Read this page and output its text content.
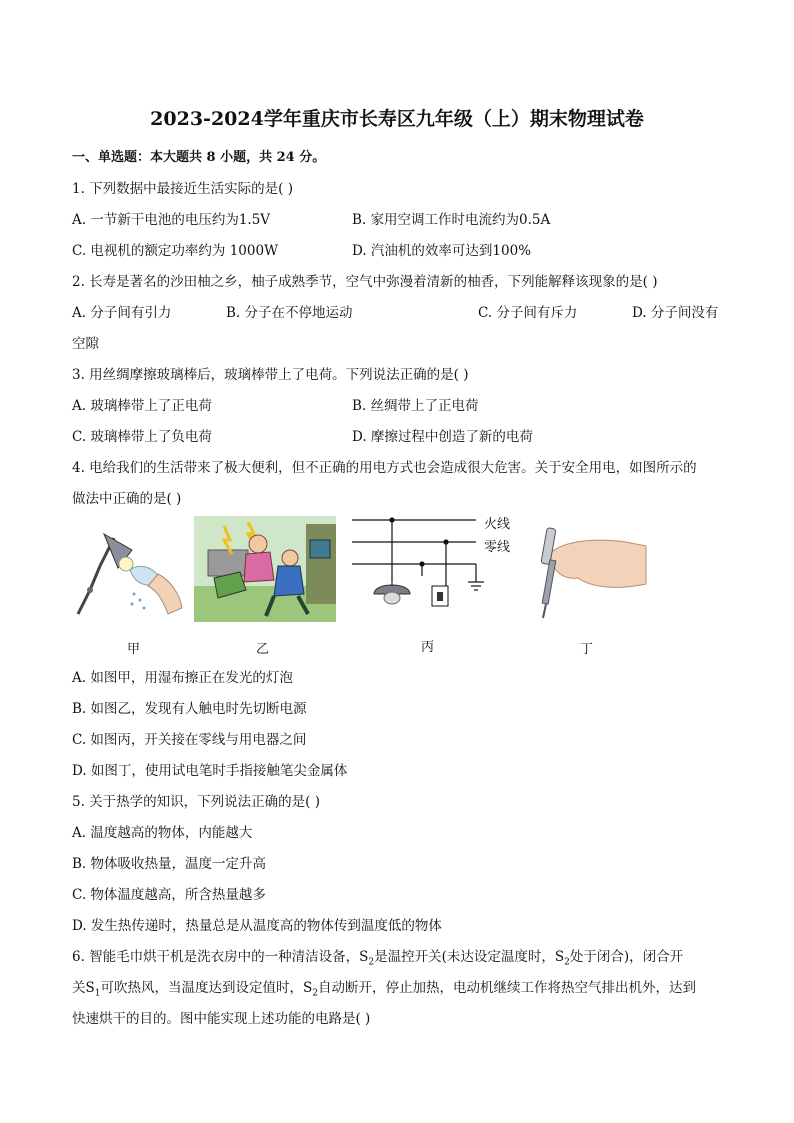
2023-2024学年重庆市长寿区九年级（上）期末物理试卷
一、单选题：本大题共 8 小题，共 24 分。
1. 下列数据中最接近生活实际的是( )
A. 一节新干电池的电压约为1.5V	B. 家用空调工作时电流约为0.5A
C. 电视机的额定功率约为 1000W	D. 汽油机的效率可达到100%
2. 长寿是著名的沙田柚之乡，柚子成熟季节，空气中弥漫着清新的柚香，下列能解释该现象的是( )
A. 分子间有引力	B. 分子在不停地运动	C. 分子间有斥力	D. 分子间没有
空隙
3. 用丝绸摩擦玻璃棒后，玻璃棒带上了电荷。下列说法正确的是( )
A. 玻璃棒带上了正电荷	B. 丝绸带上了正电荷
C. 玻璃棒带上了负电荷	D. 摩擦过程中创造了新的电荷
4. 电给我们的生活带来了极大便利，但不正确的用电方式也会造成很大危害。关于安全用电，如图所示的
做法中正确的是( )
火线
零线
甲	乙	丙	丁
A. 如图甲，用湿布擦正在发光的灯泡
B. 如图乙，发现有人触电时先切断电源
C. 如图丙，开关接在零线与用电器之间
D. 如图丁，使用试电笔时手指接触笔尖金属体
5. 关于热学的知识，下列说法正确的是( )
A. 温度越高的物体，内能越大
B. 物体吸收热量，温度一定升高
C. 物体温度越高，所含热量越多
D. 发生热传递时，热量总是从温度高的物体传到温度低的物体
6. 智能毛巾烘干机是洗衣房中的一种清洁设备，$S_2$是温控开关(未达设定温度时，$S_2$处于闭合)，闭合开
关$S_1$可吹热风，当温度达到设定值时，$S_2$自动断开，停止加热，电动机继续工作将热空气排出机外，达到
快速烘干的目的。图中能实现上述功能的电路是( )
